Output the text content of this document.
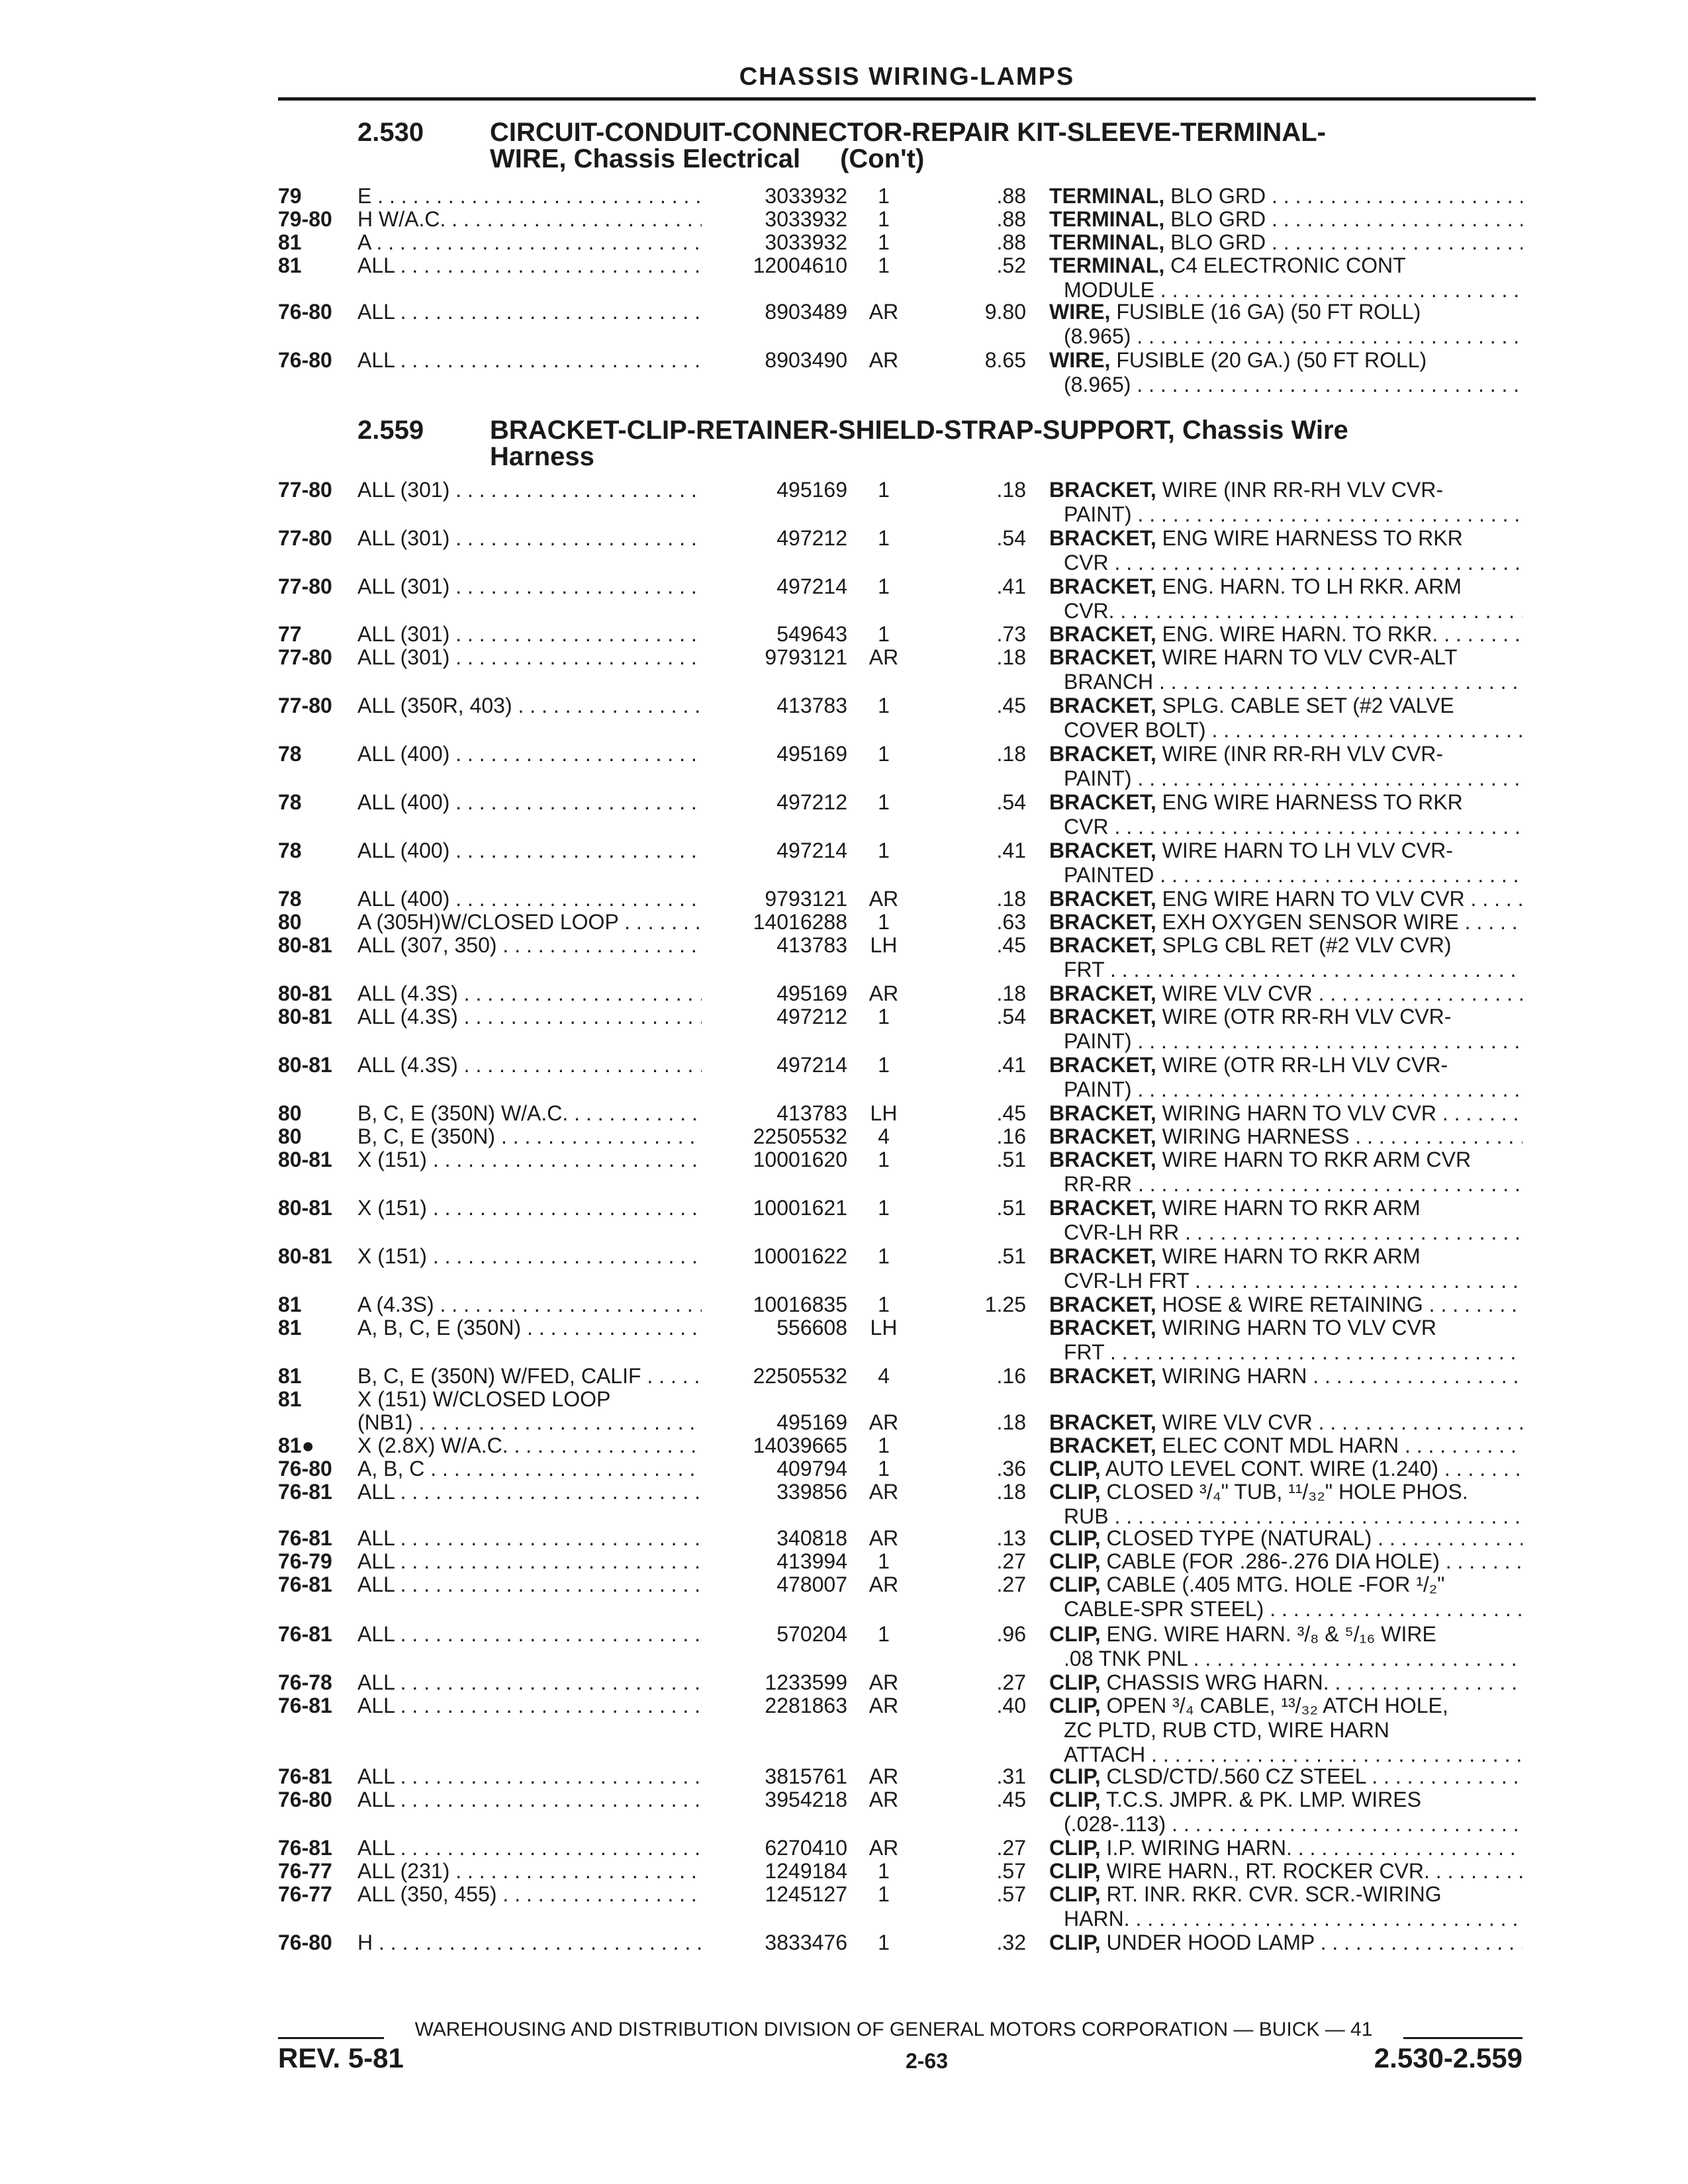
CHASSIS WIRING-LAMPS
2.530 CIRCUIT-CONDUIT-CONNECTOR-REPAIR KIT-SLEEVE-TERMINAL-
WIRE, Chassis Electrical (Con't)
2.559 BRACKET-CLIP-RETAINER-SHIELD-STRAP-SUPPORT, Chassis Wire
Harness
79	E . . .	3033932	1	.88 TERMINAL, BLO GRD . . .
79-80 H W/A.C. . . .	3033932	1	.88 TERMINAL, BLO GRD . . .
81	A . . .	3033932	1	.88 TERMINAL, BLO GRD . . .
81	ALL . . .	12004610	1	.52 TERMINAL, C4 ELECTRONIC CONT
MODULE . . .
76-80 ALL . . .	8903489	AR	9.80 WIRE, FUSIBLE (16 GA) (50 FT ROLL)
(8.965) . . .
76-80 ALL . . .	8903490	AR	8.65 WIRE, FUSIBLE (20 GA.) (50 FT ROLL)
(8.965) . . .
77-80 ALL (301) . . .	495169	1	.18 BRACKET, WIRE (INR RR-RH VLV CVR-
PAINT) . . .
77-80 ALL (301) . . .	497212	1	.54 BRACKET, ENG WIRE HARNESS TO RKR
CVR . . .
77-80 ALL (301) . . .	497214	1	.41 BRACKET, ENG. HARN. TO LH RKR. ARM
CVR. . . .
77	ALL (301) . . .	549643	1	.73 BRACKET, ENG. WIRE HARN. TO RKR. . . .
77-80 ALL (301) . . .	9793121	AR	.18 BRACKET, WIRE HARN TO VLV CVR-ALT
BRANCH . . .
77-80 ALL (350R, 403) . . .	413783	1	.45 BRACKET, SPLG. CABLE SET (#2 VALVE
COVER BOLT) . . .
78	ALL (400) . . .	495169	1	.18 BRACKET, WIRE (INR RR-RH VLV CVR-
PAINT) . . .
78	ALL (400) . . .	497212	1	.54 BRACKET, ENG WIRE HARNESS TO RKR
CVR . . .
78	ALL (400) . . .	497214	1	.41 BRACKET, WIRE HARN TO LH VLV CVR-
PAINTED . . .
78	ALL (400) . . .	9793121	AR	.18 BRACKET, ENG WIRE HARN TO VLV CVR . . .
80	A (305H)W/CLOSED LOOP . . .	14016288	1	.63 BRACKET, EXH OXYGEN SENSOR WIRE . . .
80-81 ALL (307, 350) . . .	413783	LH	.45 BRACKET, SPLG CBL RET (#2 VLV CVR)
FRT . . .
80-81 ALL (4.3S) . . .	495169	AR	.18 BRACKET, WIRE VLV CVR . . .
80-81 ALL (4.3S) . . .	497212	1	.54 BRACKET, WIRE (OTR RR-RH VLV CVR-
PAINT) . . .
80-81 ALL (4.3S) . . .	497214	1	.41 BRACKET, WIRE (OTR RR-LH VLV CVR-
PAINT) . . .
80	B, C, E (350N) W/A.C. . . .	413783	LH	.45 BRACKET, WIRING HARN TO VLV CVR . . .
80	B, C, E (350N) . . .	22505532	4	.16 BRACKET, WIRING HARNESS . . .
80-81 X (151) . . .	10001620	1	.51 BRACKET, WIRE HARN TO RKR ARM CVR
RR-RR . . .
80-81 X (151) . . .	10001621	1	.51 BRACKET, WIRE HARN TO RKR ARM
CVR-LH RR . . .
80-81 X (151) . . .	10001622	1	.51 BRACKET, WIRE HARN TO RKR ARM
CVR-LH FRT . . .
81	A (4.3S) . . .	10016835	1	1.25 BRACKET, HOSE & WIRE RETAINING . . .
81	A, B, C, E (350N) . . .	556608	LH	BRACKET, WIRING HARN TO VLV CVR
FRT . . .
81	B, C, E (350N) W/FED, CALIF . . .	22505532	4	.16 BRACKET, WIRING HARN . . .
81	X (151) W/CLOSED LOOP
(NB1) . . .	495169	AR	.18 BRACKET, WIRE VLV CVR . . .
81● X (2.8X) W/A.C. . . .	14039665	1	BRACKET, ELEC CONT MDL HARN . . .
76-80 A, B, C . . .	409794	1	.36 CLIP, AUTO LEVEL CONT. WIRE (1.240) . . .
76-81 ALL . . .	339856	AR	.18 CLIP, CLOSED ³/₄" TUB, ¹¹/₃₂" HOLE PHOS.
RUB . . .
76-81 ALL . . .	340818	AR	.13 CLIP, CLOSED TYPE (NATURAL) . . .
76-79 ALL . . .	413994	1	.27 CLIP, CABLE (FOR .286-.276 DIA HOLE) . . .
76-81 ALL . . .	478007	AR	.27 CLIP, CABLE (.405 MTG. HOLE -FOR ¹/₂"
CABLE-SPR STEEL) . . .
76-81 ALL . . .	570204	1	.96 CLIP, ENG. WIRE HARN. ³/₈ & ⁵/₁₆ WIRE
.08 TNK PNL . . .
76-78 ALL . . .	1233599	AR	.27 CLIP, CHASSIS WRG HARN. . . .
76-81 ALL . . .	2281863	AR	.40 CLIP, OPEN ³/₄ CABLE, ¹³/₃₂ ATCH HOLE,
ZC PLTD, RUB CTD, WIRE HARN
ATTACH . . .
76-81 ALL . . .	3815761	AR	.31 CLIP, CLSD/CTD/.560 CZ STEEL . . .
76-80 ALL . . .	3954218	AR	.45 CLIP, T.C.S. JMPR. & PK. LMP. WIRES
(.028-.113) . . .
76-81 ALL . . .	6270410	AR	.27 CLIP, I.P. WIRING HARN. . . .
76-77 ALL (231) . . .	1249184	1	.57 CLIP, WIRE HARN., RT. ROCKER CVR. . . .
76-77 ALL (350, 455) . . .	1245127	1	.57 CLIP, RT. INR. RKR. CVR. SCR.-WIRING
HARN. . . .
76-80 H . . .	3833476	1	.32 CLIP, UNDER HOOD LAMP . . .
WAREHOUSING AND DISTRIBUTION DIVISION OF GENERAL MOTORS CORPORATION — BUICK — 41
REV. 5-81	2-63	2.530-2.559
